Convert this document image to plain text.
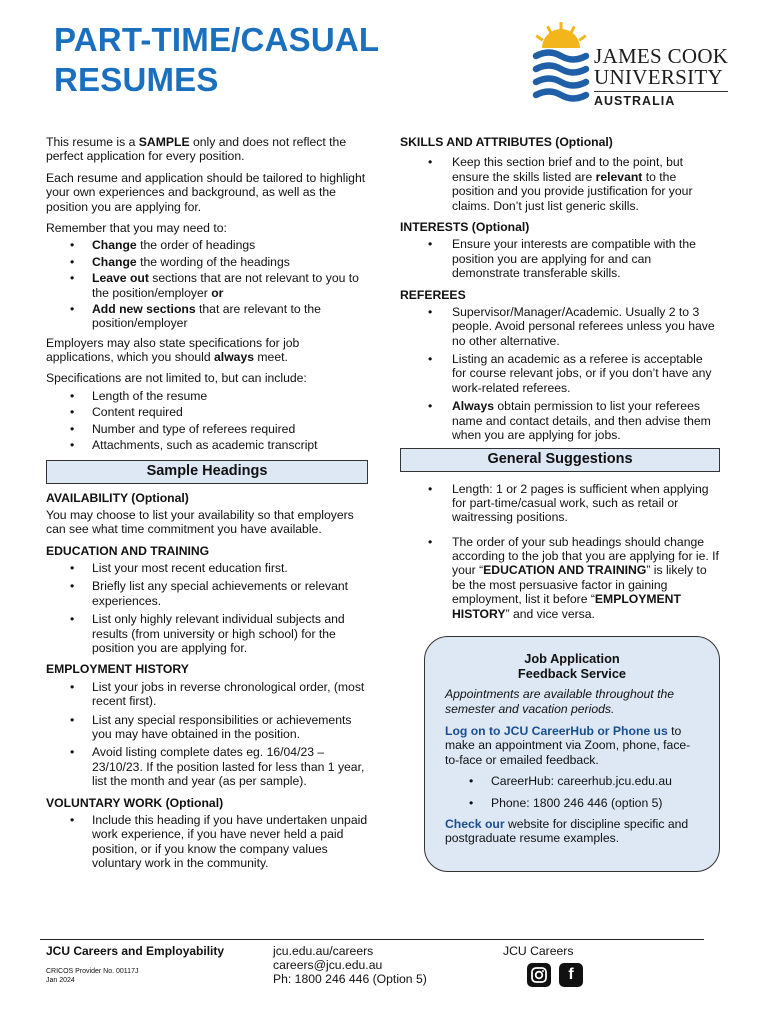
PART-TIME/CASUAL
RESUMES
JAMES COOK
UNIVERSITY
AUSTRALIA

This resume is a SAMPLE only and does not reflect the perfect application for every position.

Each resume and application should be tailored to highlight your own experiences and background, as well as the position you are applying for.

Remember that you may need to:

• Change the order of headings
• Change the wording of the headings
• Leave out sections that are not relevant to you to the position/employer or
• Add new sections that are relevant to the position/employer

Employers may also state specifications for job applications, which you should always meet.

Specifications are not limited to, but can include:

• Length of the resume
• Content required
• Number and type of referees required
• Attachments, such as academic transcript
Sample Headings
AVAILABILITY (Optional)

You may choose to list your availability so that employers can see what time commitment you have available.

EDUCATION AND TRAINING
• List your most recent education first.
• Briefly list any special achievements or relevant experiences.
• List only highly relevant individual subjects and results (from university or high school) for the position you are applying for.
EMPLOYMENT HISTORY
• List your jobs in reverse chronological order, (most recent first).
• List any special responsibilities or achievements you may have obtained in the position.
• Avoid listing complete dates eg. 16/04/23 – 23/10/23. If the position lasted for less than 1 year, list the month and year (as per sample).
VOLUNTARY WORK (Optional)
• Include this heading if you have undertaken unpaid work experience, if you have never held a paid position, or if you know the company values voluntary work in the community.
SKILLS AND ATTRIBUTES (Optional)
• Keep this section brief and to the point, but ensure the skills listed are relevant to the position and you provide justification for your claims. Don’t just list generic skills.
INTERESTS (Optional)
• Ensure your interests are compatible with the position you are applying for and can demonstrate transferable skills.
REFEREES
• Supervisor/Manager/Academic. Usually 2 to 3 people. Avoid personal referees unless you have no other alternative.
• Listing an academic as a referee is acceptable for course relevant jobs, or if you don’t have any work-related referees.
• Always obtain permission to list your referees name and contact details, and then advise them when you are applying for jobs.
General Suggestions
• Length: 1 or 2 pages is sufficient when applying for part-time/casual work, such as retail or waitressing positions.
• The order of your sub headings should change according to the job that you are applying for ie. If your “EDUCATION AND TRAINING” is likely to be the most persuasive factor in gaining employment, list it before “EMPLOYMENT HISTORY” and vice versa.
Job Application
Feedback Service

Appointments are available throughout the semester and vacation periods.

Log on to JCU CareerHub or Phone us to make an appointment via Zoom, phone, face-to-face or emailed feedback.

• CareerHub: careerhub.jcu.edu.au
• Phone: 1800 246 446 (option 5)

Check our website for discipline specific and postgraduate resume examples.

JCU Careers and Employability
CRICOS Provider No. 00117J
Jan 2024
jcu.edu.au/careers
careers@jcu.edu.au
Ph: 1800 246 446 (Option 5)
JCU Careers
f
